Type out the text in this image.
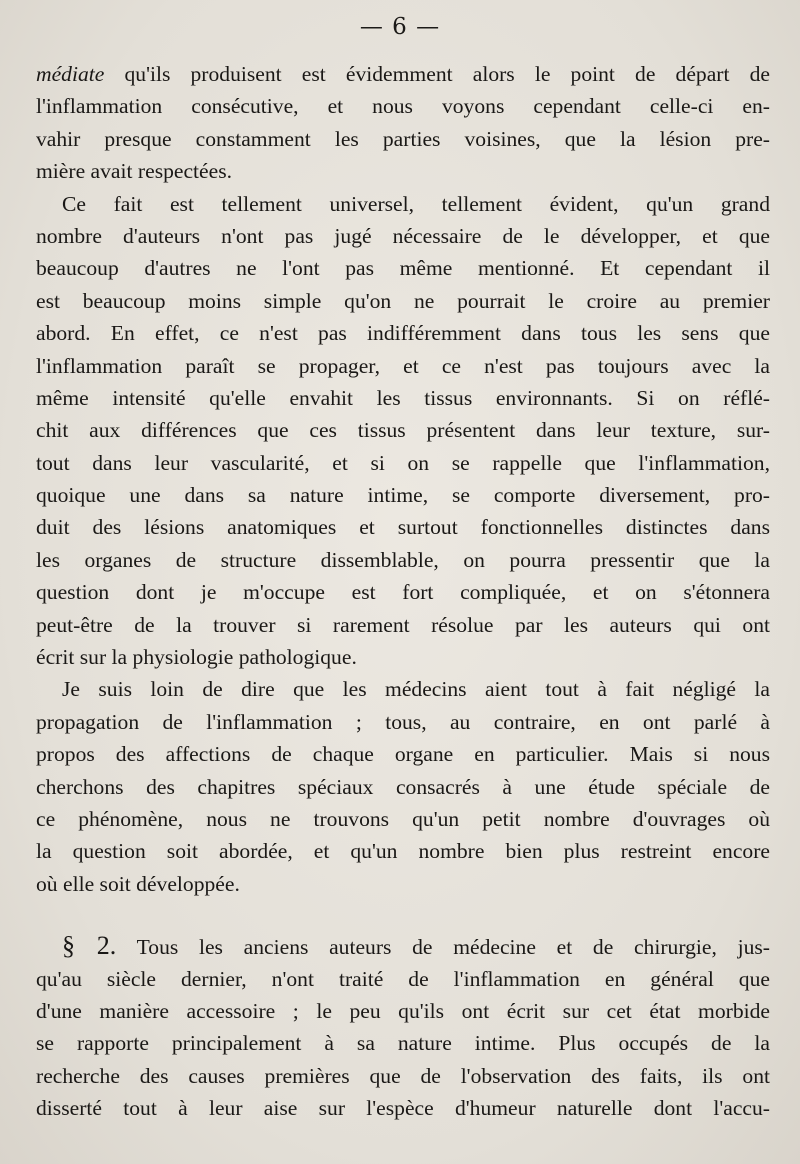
— 6 —
médiate qu'ils produisent est évidemment alors le point de départ de
l'inflammation consécutive, et nous voyons cependant celle-ci en-
vahir presque constamment les parties voisines, que la lésion pre-
mière avait respectées.
Ce fait est tellement universel, tellement évident, qu'un grand
nombre d'auteurs n'ont pas jugé nécessaire de le développer, et que
beaucoup d'autres ne l'ont pas même mentionné. Et cependant il
est beaucoup moins simple qu'on ne pourrait le croire au premier
abord. En effet, ce n'est pas indifféremment dans tous les sens que
l'inflammation paraît se propager, et ce n'est pas toujours avec la
même intensité qu'elle envahit les tissus environnants. Si on réflé-
chit aux différences que ces tissus présentent dans leur texture, sur-
tout dans leur vascularité, et si on se rappelle que l'inflammation,
quoique une dans sa nature intime, se comporte diversement, pro-
duit des lésions anatomiques et surtout fonctionnelles distinctes dans
les organes de structure dissemblable, on pourra pressentir que la
question dont je m'occupe est fort compliquée, et on s'étonnera
peut-être de la trouver si rarement résolue par les auteurs qui ont
écrit sur la physiologie pathologique.
Je suis loin de dire que les médecins aient tout à fait négligé la
propagation de l'inflammation ; tous, au contraire, en ont parlé à
propos des affections de chaque organe en particulier. Mais si nous
cherchons des chapitres spéciaux consacrés à une étude spéciale de
ce phénomène, nous ne trouvons qu'un petit nombre d'ouvrages où
la question soit abordée, et qu'un nombre bien plus restreint encore
où elle soit développée.
§ 2. Tous les anciens auteurs de médecine et de chirurgie, jus-
qu'au siècle dernier, n'ont traité de l'inflammation en général que
d'une manière accessoire ; le peu qu'ils ont écrit sur cet état morbide
se rapporte principalement à sa nature intime. Plus occupés de la
recherche des causes premières que de l'observation des faits, ils ont
disserté tout à leur aise sur l'espèce d'humeur naturelle dont l'accu-
